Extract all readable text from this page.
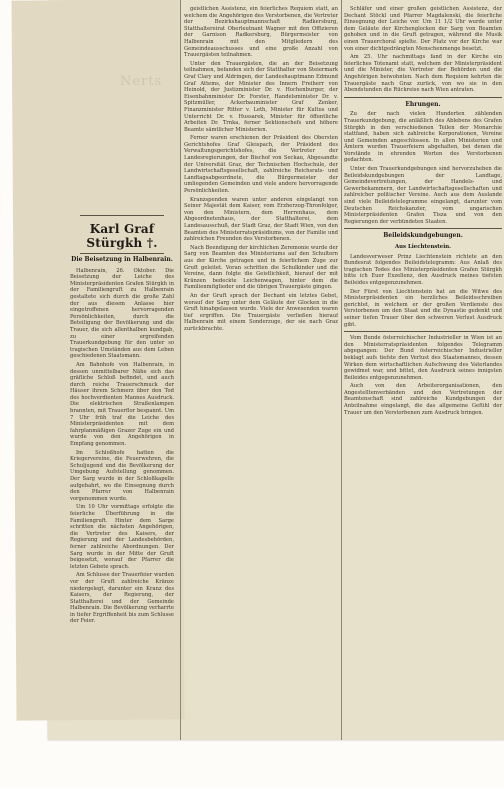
Nerts
Karl Graf Stürgkh †.
Die Beisetzung in Halbenrain.

Halbenrain, 26. Oktober. Die Beisetzung der Leiche des Ministerpräsidenten Grafen Stürgkh in der Familiengruft zu Halbenrain gestaltete sich durch die große Zahl der aus diesem Anlasse hier eingetroffenen hervorragenden Persönlichkeiten, durch die Beteiligung der Bevölkerung und die Trauer, die sich allenthalben kundgab, zu einer ergreifenden Trauerkundgebung für den unter so tragischen Umständen aus dem Leben geschiedenen Staatsmann.

Am Bahnhofe von Halbenrain, in dessen unmittelbarer Nähe sich das gräfliche Schloß befindet, und auch durch reiche Trauerschmuck der Häuser ihrem Schmerz über den Tod des hochverdienten Mannes Ausdruck. Die elektrischen Straßenlampen brannten, mit Trauerflor bespannt. Um 7 Uhr früh traf die Leiche des Ministerpräsidenten mit dem fahrplanmäßigen Grazer Zuge ein und wurde von den Angehörigen in Empfang genommen.

Im Schloßhofe hatten die Kriegervereine, die Feuerwehren, die Schuljugend und die Bevölkerung der Umgebung Aufstellung genommen. Der Sarg wurde in der Schloßkapelle aufgebahrt, wo die Einsegnung durch den Pfarrer von Halbenrain vorgenommen wurde.

Um 10 Uhr vormittags erfolgte die feierliche Überführung in die Familiengruft. Hinter dem Sarge schritten die nächsten Angehörigen, die Vertreter des Kaisers, der Regierung und der Landesbehörden, ferner zahlreiche Abordnungen. Der Sarg wurde in der Mitte der Gruft beigesetzt, worauf der Pfarrer die letzten Gebete sprach.

Am Schlusse der Trauerfeier wurden vor der Gruft zahlreiche Kränze niedergelegt, darunter ein Kranz des Kaisers, der Regierung, der Statthalterei und der Gemeinde Halbenrain. Die Bevölkerung verharrte in tiefer Ergriffenheit bis zum Schlusse der Feier.

geistlichen Assistenz, ein feierliches Requiem statt, an welchem die Angehörigen des Verstorbenen, die Vertreter der Bezirkshauptmannschaft Radkersburg, Statthaltereirat Oberleutnant Wagner mit den Offizieren der Garnison Radkersburg, Bürgermeister von Halbenrain mit den Mitgliedern des Gemeindeausschusses und eine große Anzahl von Trauergästen teilnahmen.

Unter den Trauergästen, die an der Beisetzung teilnahmen, befanden sich der Statthalter von Steiermark Graf Clary und Aldringen, der Landeshauptmann Edmund Graf Attems, der Minister des Innern Freiherr von Heinold, der Justizminister Dr. v. Hochenburger, der Eisenbahnminister Dr. Forster, Handelsminister Dr. v. Spitzmüller, Ackerbauminister Graf Zenker, Finanzminister Ritter v. Leth, Minister für Kultus und Unterricht Dr. v. Hussarek, Minister für öffentliche Arbeiten Dr. Trnka, ferner Sektionschefs und höhere Beamte sämtlicher Ministerien.

Ferner waren erschienen der Präsident des Obersten Gerichtshofes Graf Gleispach, der Präsident des Verwaltungsgerichtshofes, die Vertreter der Landesregierungen, der Bischof von Seckau, Abgesandte der Universität Graz, der Technischen Hochschule, der Landwirtschaftsgesellschaft, zahlreiche Reichsrats- und Landtagsabgeordnete, die Bürgermeister der umliegenden Gemeinden und viele andere hervorragende Persönlichkeiten.

Kranzspenden waren unter anderen eingelangt von Seiner Majestät dem Kaiser, vom Erzherzog-Thronfolger, von den Ministern, dem Herrenhaus, dem Abgeordnetenhaus, der Statthalterei, dem Landesausschuß, der Stadt Graz, der Stadt Wien, von den Beamten des Ministerratspräsidiums, von der Familie und zahlreichen Freunden des Verstorbenen.

Nach Beendigung der kirchlichen Zeremonie wurde der Sarg von Beamten des Ministeriums auf den Schultern aus der Kirche getragen und in feierlichem Zuge zur Gruft geleitet. Voran schritten die Schulkinder und die Vereine, dann folgte die Geistlichkeit, hierauf der mit Kränzen bedeckte Leichenwagen, hinter dem die Familienmitglieder und die übrigen Trauergäste gingen.

An der Gruft sprach der Dechant ein letztes Gebet, worauf der Sarg unter dem Geläute der Glocken in die Gruft hinabgelassen wurde. Viele der Anwesenden waren tief ergriffen. Die Trauergäste verließen hierauf Halbenrain mit einem Sonderzuge, der sie nach Graz zurückbrachte.

Schläfer und einer großen geistlichen Assistenz, der Dechant Stöckl und Pfarrer Magdalenski, die feierliche Einsegnung der Leiche vor. Um 11 1/2 Uhr wurde unter dem Geläute der Kirchenglocken der Sarg von Beamten gehoben und in die Gruft getragen, während die Musik einen Trauerchoral spielte. Der Platz vor der Kirche war von einer dichtgedrängten Menschenmenge besetzt.

Am 25. Uhr nachmittags fand in der Kirche ein feierliches Totenamt statt, welchem der Ministerpräsident und die Minister, die Vertreter der Behörden und die Angehörigen beiwohnten. Nach dem Requiem kehrten die Trauergäste nach Graz zurück, von wo sie in den Abendstunden die Rückreise nach Wien antraten.

Ehrungen.

Zu der nach vielen Hunderten zählenden Trauerkundgebung, die anläßlich des Ablebens des Grafen Stürgkh in den verschiedenen Teilen der Monarchie stattfand, haben sich zahlreiche Korporationen, Vereine und Gemeinden angeschlossen. In allen Ministerien und Ämtern wurden Trauerfeiern abgehalten, bei denen die Vorstände in ehrenden Worten des Verstorbenen gedachten.

Unter den Trauerkundgebungen sind hervorzuheben die Beileidskundgebungen der Landtage, Gemeindevertretungen, der Handels- und Gewerbekammern, der Landwirtschaftsgesellschaften und zahlreicher politischer Vereine. Auch aus dem Auslande sind viele Beileidstelegramme eingelangt, darunter vom Deutschen Reichskanzler, vom ungarischen Ministerpräsidenten Grafen Tisza und von den Regierungen der verbündeten Staaten.

Beileidskundgebungen.
Aus Liechtenstein.

Landesverweser Prinz Liechtenstein richtete an den Bundesrat folgendes Beileidstelegramm: Aus Anlaß des tragischen Todes des Ministerpräsidenten Grafen Stürgkh bitte ich Euer Exzellenz, den Ausdruck meines tiefsten Beileides entgegenzunehmen.

Der Fürst von Liechtenstein hat an die Witwe des Ministerpräsidenten ein herzliches Beileidsschreiben gerichtet, in welchem er der großen Verdienste des Verstorbenen um den Staat und die Dynastie gedenkt und seiner tiefen Trauer über den schweren Verlust Ausdruck gibt.

Vom Bunde österreichischer Industrieller in Wien ist an den Ministerratspräsidenten folgendes Telegramm abgegangen: Der Bund österreichischer Industrieller beklagt aufs tiefste den Verlust des Staatsmannes, dessen Wirken dem wirtschaftlichen Aufschwung des Vaterlandes gewidmet war, und bittet, den Ausdruck seines innigsten Beileides entgegenzunehmen.

Auch von den Arbeiterorganisationen, den Angestelltenverbänden und den Vertretungen der Beamtenschaft sind zahlreiche Kundgebungen der Anteilnahme eingelangt, die das allgemeine Gefühl der Trauer um den Verstorbenen zum Ausdruck bringen.
